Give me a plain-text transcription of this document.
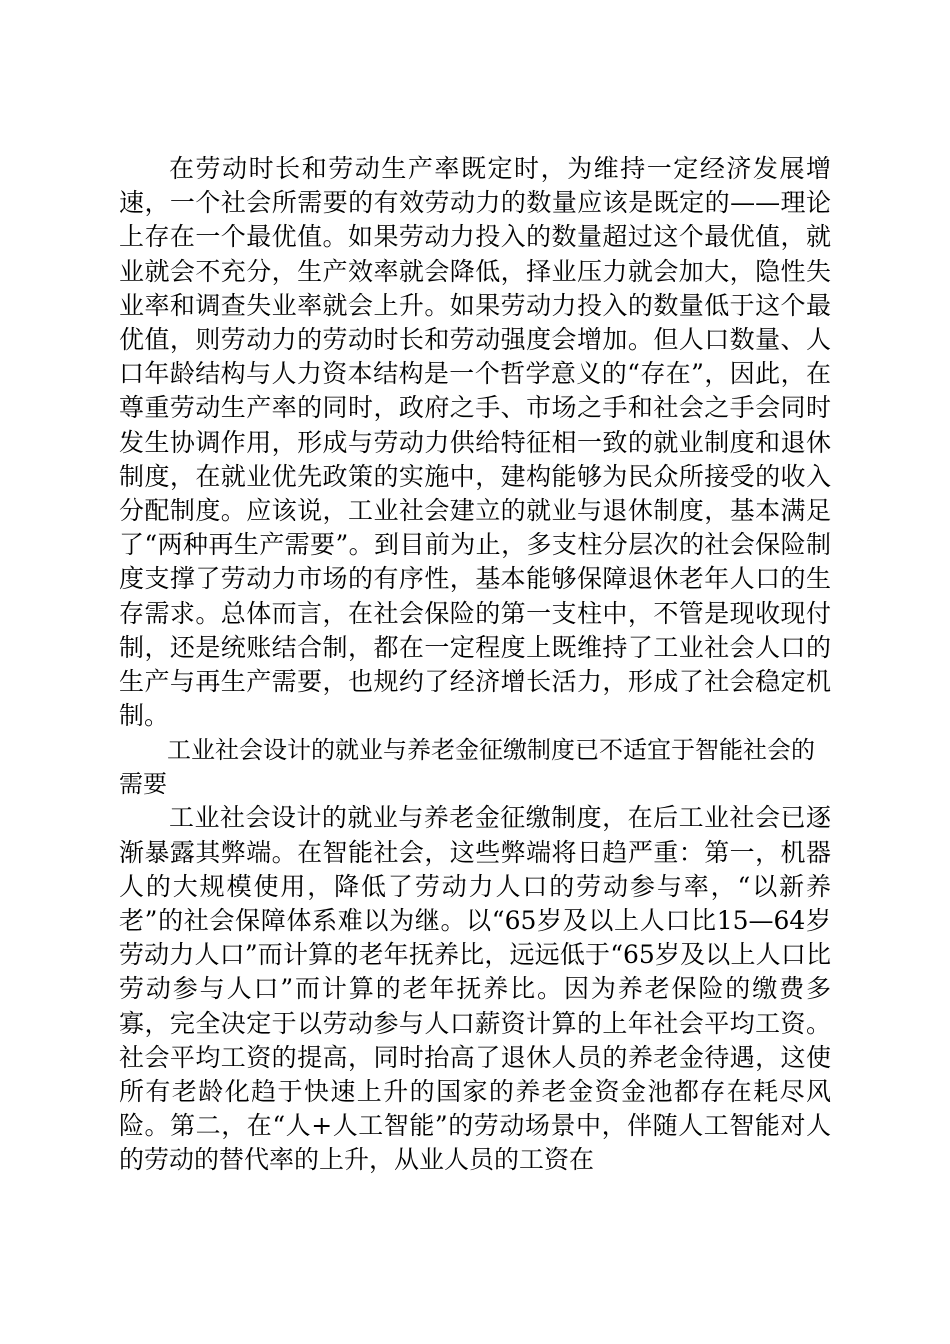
在劳动时长和劳动生产率既定时，为维持一定经济发展增速，一个社会所需要的有效劳动力的数量应该是既定的——理论上存在一个最优值。如果劳动力投入的数量超过这个最优值，就业就会不充分，生产效率就会降低，择业压力就会加大，隐性失业率和调查失业率就会上升。如果劳动力投入的数量低于这个最优值，则劳动力的劳动时长和劳动强度会增加。但人口数量、人口年龄结构与人力资本结构是一个哲学意义的“存在”，因此，在尊重劳动生产率的同时，政府之手、市场之手和社会之手会同时发生协调作用，形成与劳动力供给特征相一致的就业制度和退休制度，在就业优先政策的实施中，建构能够为民众所接受的收入分配制度。应该说，工业社会建立的就业与退休制度，基本满足了“两种再生产需要”。到目前为止，多支柱分层次的社会保险制度支撑了劳动力市场的有序性，基本能够保障退休老年人口的生存需求。总体而言，在社会保险的第一支柱中，不管是现收现付制，还是统账结合制，都在一定程度上既维持了工业社会人口的生产与再生产需要，也规约了经济增长活力，形成了社会稳定机制。

工业社会设计的就业与养老金征缴制度已不适宜于智能社会的需要

工业社会设计的就业与养老金征缴制度，在后工业社会已逐渐暴露其弊端。在智能社会，这些弊端将日趋严重：第一，机器人的大规模使用，降低了劳动力人口的劳动参与率，“以新养老”的社会保障体系难以为继。以“65岁及以上人口比15—64岁劳动力人口”而计算的老年抚养比，远远低于“65岁及以上人口比劳动参与人口”而计算的老年抚养比。因为养老保险的缴费多寡，完全决定于以劳动参与人口薪资计算的上年社会平均工资。社会平均工资的提高，同时抬高了退休人员的养老金待遇，这使所有老龄化趋于快速上升的国家的养老金资金池都存在耗尽风险。第二，在“人+人工智能”的劳动场景中，伴随人工智能对人的劳动的替代率的上升，从业人员的工资在
